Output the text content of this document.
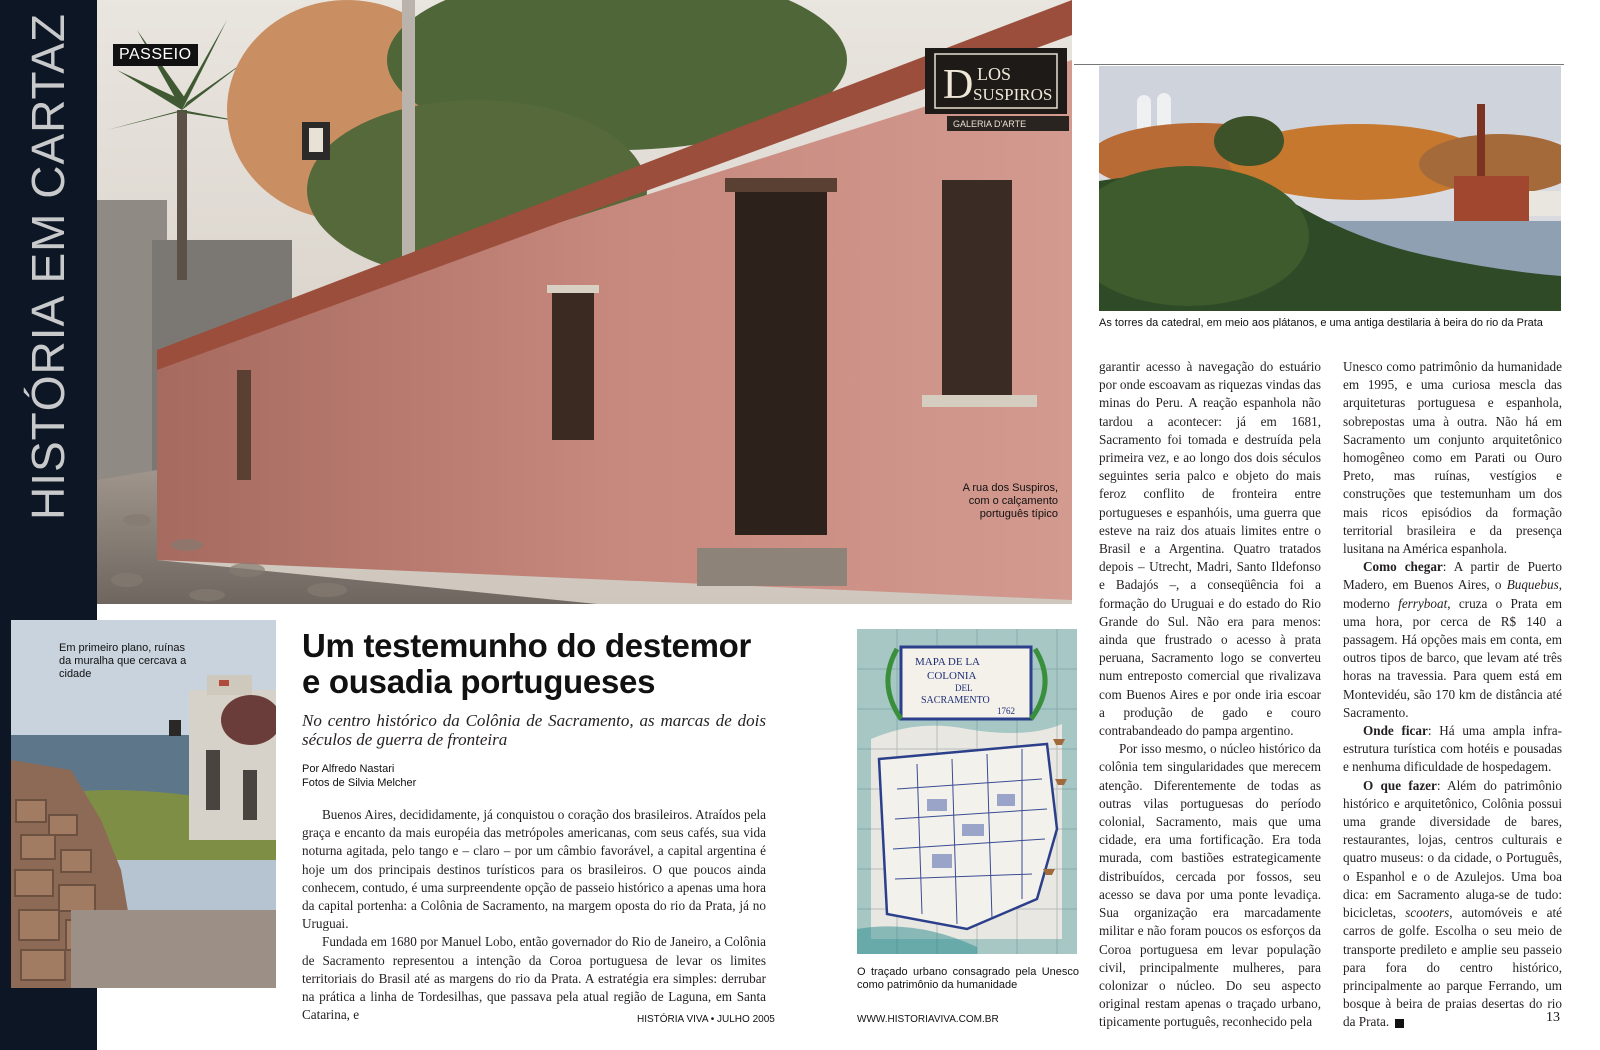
HISTÓRIA EM CARTAZ	D LOS
SUSPIROS
GALERIA D'ARTE
PASSEIO
A rua dos Suspiros, com o calçamento português típico
As torres da catedral, em meio aos plátanos, e uma antiga destilaria à beira do rio da Prata
Em primeiro plano, ruínas da muralha que cercava a cidade
MAPA DE LA
COLONIA
DEL
SACRAMENTO
1762
O traçado urbano consagrado pela Unesco como patrimônio da humanidade
Um testemunho do destemor e ousadia portugueses
No centro histórico da Colônia de Sacramento, as marcas de dois séculos de guerra de fronteira
Por Alfredo Nastari
Fotos de Silvia Melcher

Buenos Aires, decididamente, já conquistou o coração dos brasileiros. Atraídos pela graça e encanto da mais européia das metrópoles americanas, com seus cafés, sua vida noturna agitada, pelo tango e – claro – por um câmbio favorável, a capital argentina é hoje um dos principais destinos turísticos para os brasileiros. O que poucos ainda conhecem, contudo, é uma surpreendente opção de passeio histórico a apenas uma hora da capital portenha: a Colônia de Sacramento, na margem oposta do rio da Prata, já no Uruguai.

Fundada em 1680 por Manuel Lobo, então governador do Rio de Janeiro, a Colônia de Sacramento representou a intenção da Coroa portuguesa de levar os limites territoriais do Brasil até as margens do rio da Prata. A estratégia era simples: derrubar na prática a linha de Tordesilhas, que passava pela atual região de Laguna, em Santa Catarina, e

garantir acesso à navegação do estuário por onde escoavam as riquezas vindas das minas do Peru. A reação espanhola não tardou a acontecer: já em 1681, Sacramento foi tomada e destruída pela primeira vez, e ao longo dos dois séculos seguintes seria palco e objeto do mais feroz conflito de fronteira entre portugueses e espanhóis, uma guerra que esteve na raiz dos atuais limites entre o Brasil e a Argentina. Quatro tratados depois – Utrecht, Madri, Santo Ildefonso e Badajós –, a conseqüência foi a formação do Uruguai e do estado do Rio Grande do Sul. Não era para menos: ainda que frustrado o acesso à prata peruana, Sacramento logo se converteu num entreposto comercial que rivalizava com Buenos Aires e por onde iria escoar a produção de gado e couro contrabandeado do pampa argentino.

Por isso mesmo, o núcleo histórico da colônia tem singularidades que merecem atenção. Diferentemente de todas as outras vilas portuguesas do período colonial, Sacramento, mais que uma cidade, era uma fortificação. Era toda murada, com bastiões estrategicamente distribuídos, cercada por fossos, seu acesso se dava por uma ponte levadiça. Sua organização era marcadamente militar e não foram poucos os esforços da Coroa portuguesa em levar população civil, principalmente mulheres, para colonizar o núcleo. Do seu aspecto original restam apenas o traçado urbano, tipicamente português, reconhecido pela

Unesco como patrimônio da humanidade em 1995, e uma curiosa mescla das arquiteturas portuguesa e espanhola, sobrepostas uma à outra. Não há em Sacramento um conjunto arquitetônico homogêneo como em Parati ou Ouro Preto, mas ruínas, vestígios e construções que testemunham um dos mais ricos episódios da formação territorial brasileira e da presença lusitana na América espanhola.

Como chegar: A partir de Puerto Madero, em Buenos Aires, o Buquebus, moderno ferryboat, cruza o Prata em uma hora, por cerca de R$ 140 a passagem. Há opções mais em conta, em outros tipos de barco, que levam até três horas na travessia. Para quem está em Montevidéu, são 170 km de distância até Sacramento.

Onde ficar: Há uma ampla infra-estrutura turística com hotéis e pousadas e nenhuma dificuldade de hospedagem.

O que fazer: Além do patrimônio histórico e arquitetônico, Colônia possui uma grande diversidade de bares, restaurantes, lojas, centros culturais e quatro museus: o da cidade, o Português, o Espanhol e o de Azulejos. Uma boa dica: em Sacramento aluga-se de tudo: bicicletas, scooters, automóveis e até carros de golfe. Escolha o seu meio de transporte predileto e amplie seu passeio para fora do centro histórico, principalmente ao parque Ferrando, um bosque à beira de praias desertas do rio da Prata.

HISTÓRIA VIVA • JULHO 2005	WWW.HISTORIAVIVA.COM.BR	13
